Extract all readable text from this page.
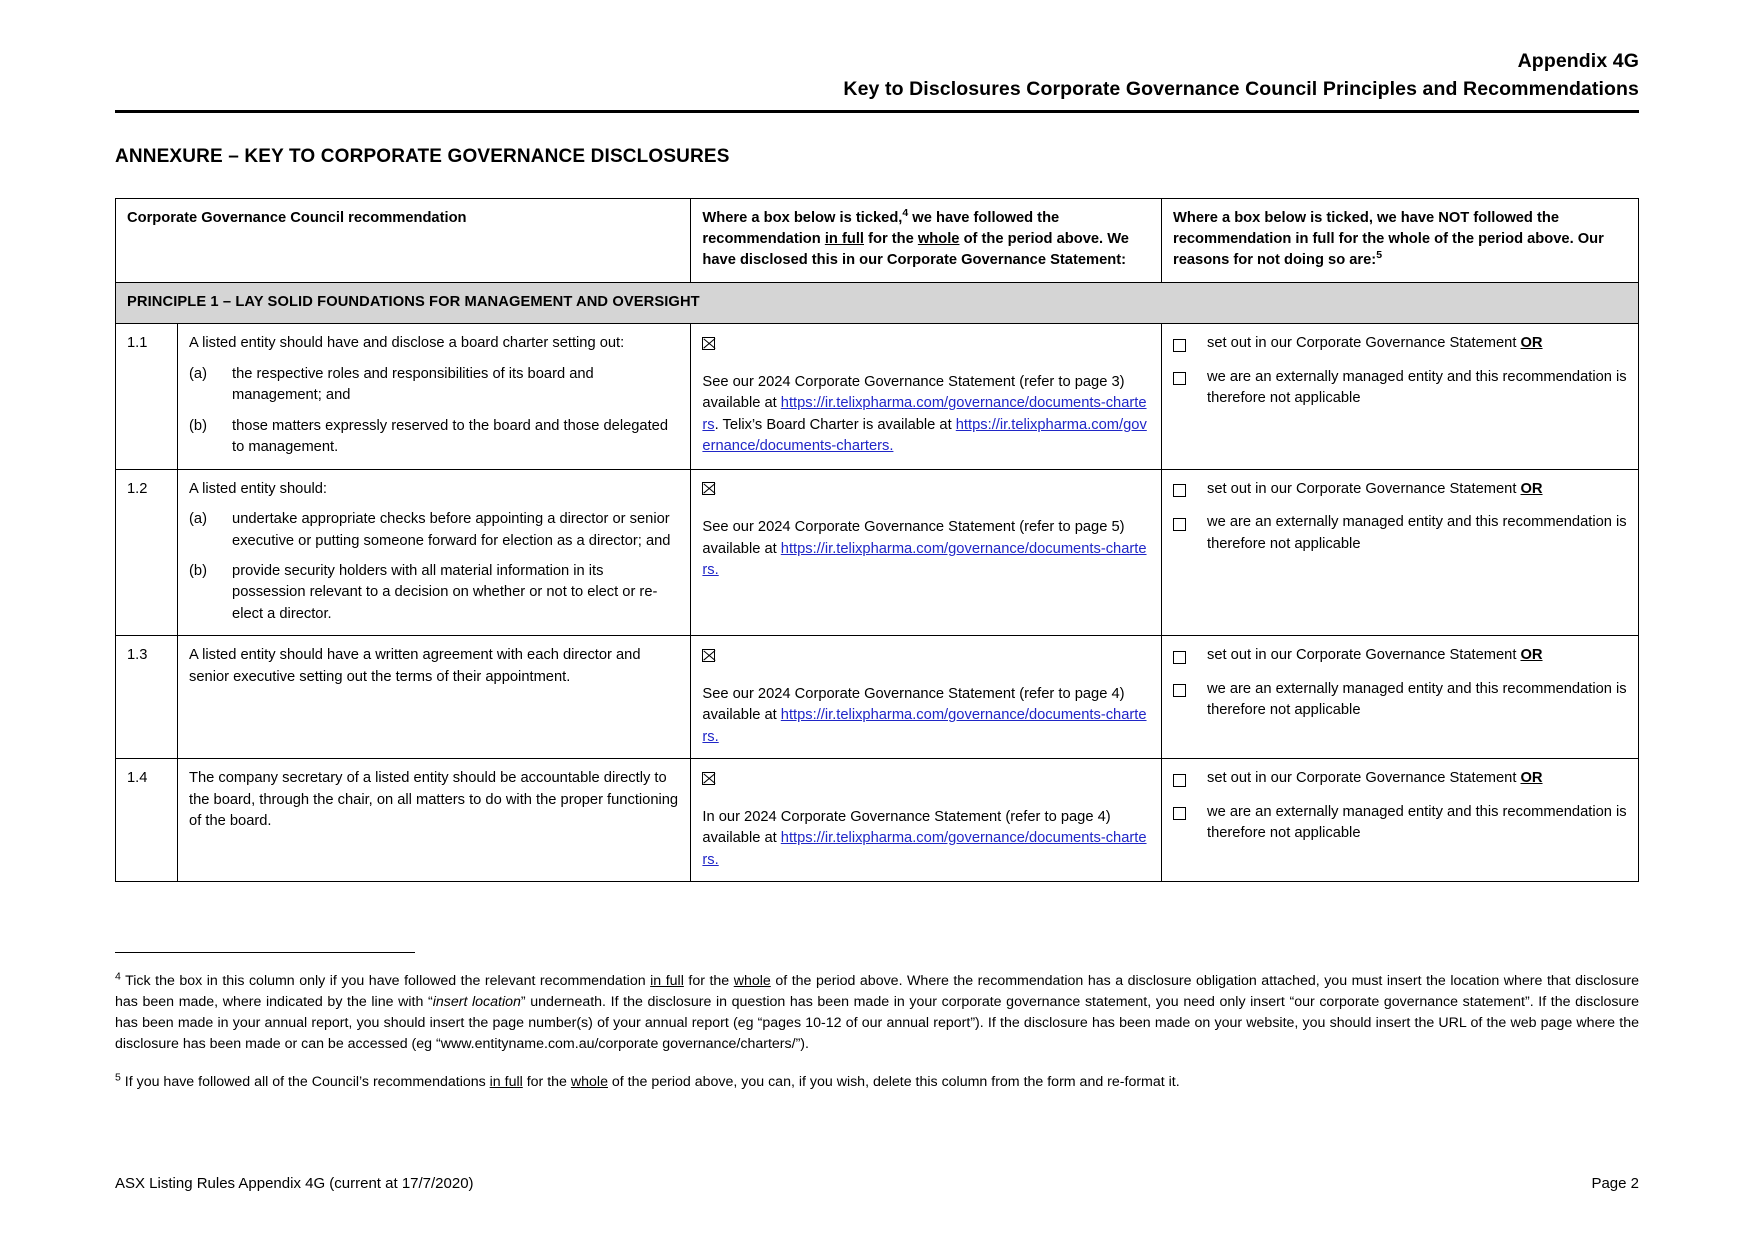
Appendix 4G
Key to Disclosures Corporate Governance Council Principles and Recommendations
ANNEXURE – KEY TO CORPORATE GOVERNANCE DISCLOSURES
Corporate Governance Council recommendation		Where a box below is ticked,$^4$ we have followed the recommendation in full for the whole of the period above. We have disclosed this in our Corporate Governance Statement:	Where a box below is ticked, we have NOT followed the recommendation in full for the whole of the period above. Our reasons for not doing so are:$^5$
PRINCIPLE 1 – LAY SOLID FOUNDATIONS FOR MANAGEMENT AND OVERSIGHT			
1.1	A listed entity should have and disclose a board charter setting out:
(a)	the respective roles and responsibilities of its board and management; and
(b)	those matters expressly reserved to the board and those delegated to management.

See our 2024 Corporate Governance Statement (refer to page 3) available at https://ir.telixpharma.com/governance/documents-charters. Telix’s Board Charter is available at https://ir.telixpharma.com/governance/documents-charters.

set out in our Corporate Governance Statement OR
we are an externally managed entity and this recommendation is therefore not applicable

1.2	A listed entity should:
(a)	undertake appropriate checks before appointing a director or senior executive or putting someone forward for election as a director; and
(b)	provide security holders with all material information in its possession relevant to a decision on whether or not to elect or re-elect a director.

See our 2024 Corporate Governance Statement (refer to page 5) available at https://ir.telixpharma.com/governance/documents-charters.

set out in our Corporate Governance Statement OR
we are an externally managed entity and this recommendation is therefore not applicable

1.3	A listed entity should have a written agreement with each director and senior executive setting out the terms of their appointment.	See our 2024 Corporate Governance Statement (refer to page 4) available at https://ir.telixpharma.com/governance/documents-charters.	set out in our Corporate Governance Statement OR
we are an externally managed entity and this recommendation is therefore not applicable

1.4	The company secretary of a listed entity should be accountable directly to the board, through the chair, on all matters to do with the proper functioning of the board.	In our 2024 Corporate Governance Statement (refer to page 4) available at https://ir.telixpharma.com/governance/documents-charters.	set out in our Corporate Governance Statement OR
we are an externally managed entity and this recommendation is therefore not applicable
$^4$ Tick the box in this column only if you have followed the relevant recommendation in full for the whole of the period above. Where the recommendation has a disclosure obligation attached, you must insert the location where that disclosure has been made, where indicated by the line with “insert location” underneath. If the disclosure in question has been made in your corporate governance statement, you need only insert “our corporate governance statement”. If the disclosure has been made in your annual report, you should insert the page number(s) of your annual report (eg “pages 10-12 of our annual report”). If the disclosure has been made on your website, you should insert the URL of the web page where the disclosure has been made or can be accessed (eg “www.entityname.com.au/corporate governance/charters/”).
$^5$ If you have followed all of the Council’s recommendations in full for the whole of the period above, you can, if you wish, delete this column from the form and re-format it.
ASX Listing Rules Appendix 4G (current at 17/7/2020)	Page 2
